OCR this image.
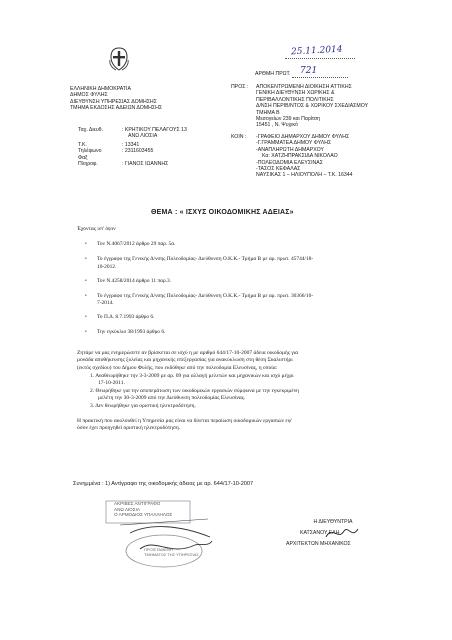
ΕΛΛΗΝΙΚΗ ΔΗΜΟΚΡΑΤΙΑ
ΔΗΜΟΣ ΦΥΛΗΣ
ΔΙΕΥΘΥΝΣΗ ΥΠΗΡΕΣΙΑΣ ΔΟΜΗΣΗΣ
ΤΜΗΜΑ ΕΚΔΟΣΗΣ ΑΔΕΙΩΝ ΔΟΜΗΣΗΣ
Ταχ. Διευθ.	: ΚΡΗΤΙΚΟΥ ΠΕΛΑΓΟΥΣ 13
ΑΝΩ ΛΙΟΣΙΑ
Τ.Κ.	: 13341
Τηλέφωνο	: 2311603455
Φαξ
Πληροφ.	: ΓΙΑΝΟΣ ΙΩΑΝΝΗΣ
25.11.2014
ΑΡΘΜΗ ΠΡΩΤ. 721
ΠΡΟΣ : ΑΠΟΚΕΝΤΡΩΜΕΝΗ ΔΙΟΙΚΗΣΗ ΑΤΤΙΚΗΣ
ΓΕΝΙΚΗ ΔΙΕΥΘΥΝΣΗ ΧΩΡΙΚΗΣ &
ΠΕΡΙΒΑΛΛΟΝΤΙΚΗΣ ΠΟΛΙΤΙΚΗΣ
Δ/ΝΣΗ ΠΕΡΙΒ/ΝΤΟΣ & ΧΩΡΙΚΟΥ ΣΧΕΔΙΑΣΜΟΥ
ΤΜΗΜΑ Β
Μεσογείων 239 και Παρίτση
15451 , Ν. Ψυχικό
ΚΟΙΝ : -ΓΡΑΦΕΙΟ ΔΗΜΑΡΧΟΥ ΔΗΜΟΥ ΦΥΛΗΣ
-Γ.ΓΡΑΜΜΑΤΕΑ ΔΗΜΟΥ ΦΥΛΗΣ
-ΑΝΑΠΛΗΡΩΤΗ ΔΗΜΑΡΧΟΥ
Κα: ΧΑΤΖΗΠΡΑΚΣΙΔΑ ΝΙΚΟΛΑΟ
-ΠΟΛΕΟΔΟΜΙΑ ΕΛΕΥΣΙΝΑΣ
-ΤΑΣΟΣ ΚΕΦΑΛΑΣ
ΝΑΥΣΙΚΑΣ 1 – ΗΛΙΟΥΠΟΛΗ – Τ.Κ. 16344
ΘΕΜΑ : « ΙΣΧΥΣ ΟΙΚΟΔΟΜΙΚΗΣ ΑΔΕΙΑΣ»
Έχοντας υπ' όψιν
• Τον Ν.4067/2012 άρθρο 29 παρ. 5α.
• Το έγγραφο της Γενικής Δ/νσης Πολεοδομίας- Διεύθυνση Ο.Κ.Κ.- Τμήμα Β με αρ. πρωτ. 45744/18-
10-2012.
• Τον Ν.4258/2014 άρθρο 11 παρ.3.
• Το έγγραφο της Γενικής Δ/νσης Πολεοδομίας- Διεύθυνση Ο.Κ.Κ.- Τμήμα Β με αρ. πρωτ. 30366/10-
7-2014.
• Το Π.Δ. 8.7.1993 άρθρο 6.
• Την εγκύκλιο 38/1993 άρθρο 6.
Ζητάμε να μας ενημερώσετε αν βρίσκεται σε ισχύ η με αριθμό 644/17-10-2007 άδεια οικοδομής για
μονάδα αποθήκευσης ξυλείας και μηχανικής επεξεργασίας για ανακύκλωση στη θέση Σκαλιστήρι
(εκτός σχεδίου) του Δήμου Φυλής, που εκδόθηκε από την πολεοδομία Ελευσίνας, η οποία:
1. Αναθεωρήθηκε την 3-3-2009 με αρ. 09 για αλλαγή μελετών και μηχανικών και ισχύ μέχρι
17-10-2011.
2. Θεωρήθηκε για την αποπεράτωση των οικοδομικών εργασιών σύμφωνα με την εγκεκριμένη
μελέτη την 30-3-2009 από την Διεύθυνση πολεοδομίας Ελευσίνας.
3. Δεν θεωρήθηκε για οριστική ηλεκτροδότηση.
Η πρακτική που ακολουθεί η Υπηρεσία μας είναι να δίνεται περαίωση οικοδομικών εργασιών εφ'
όσον έχει προηγηθεί οριστική ηλεκτροδότηση.
Συνημμένα : 1) Αντίγραφο της οικοδομικής άδειας με αρ. 644/17-10-2007
ΑΚΡΙΒΕΣ ΑΝΤΙΓΡΑΦΟ
ΑΝΩ ΛΙΟΣΙΑ
Ο ΑΡΜΟΔΙΟΣ ΥΠΑΛΛΗΛΟΣ
ΠΡΟΪΣΤΑΜΕΝΗ
ΤΜΗΜΑΤΟΣ ΤΗΣ ΥΠΗΡΕΣΙΑΣ
Η ΔΙΕΥΘΥΝΤΡΙΑ
ΚΑΤΣΑΝΟΥ ΕΛΗ
ΑΡΧΙΤΕΚΤΩΝ ΜΗΧΑΝΙΚΟΣ
